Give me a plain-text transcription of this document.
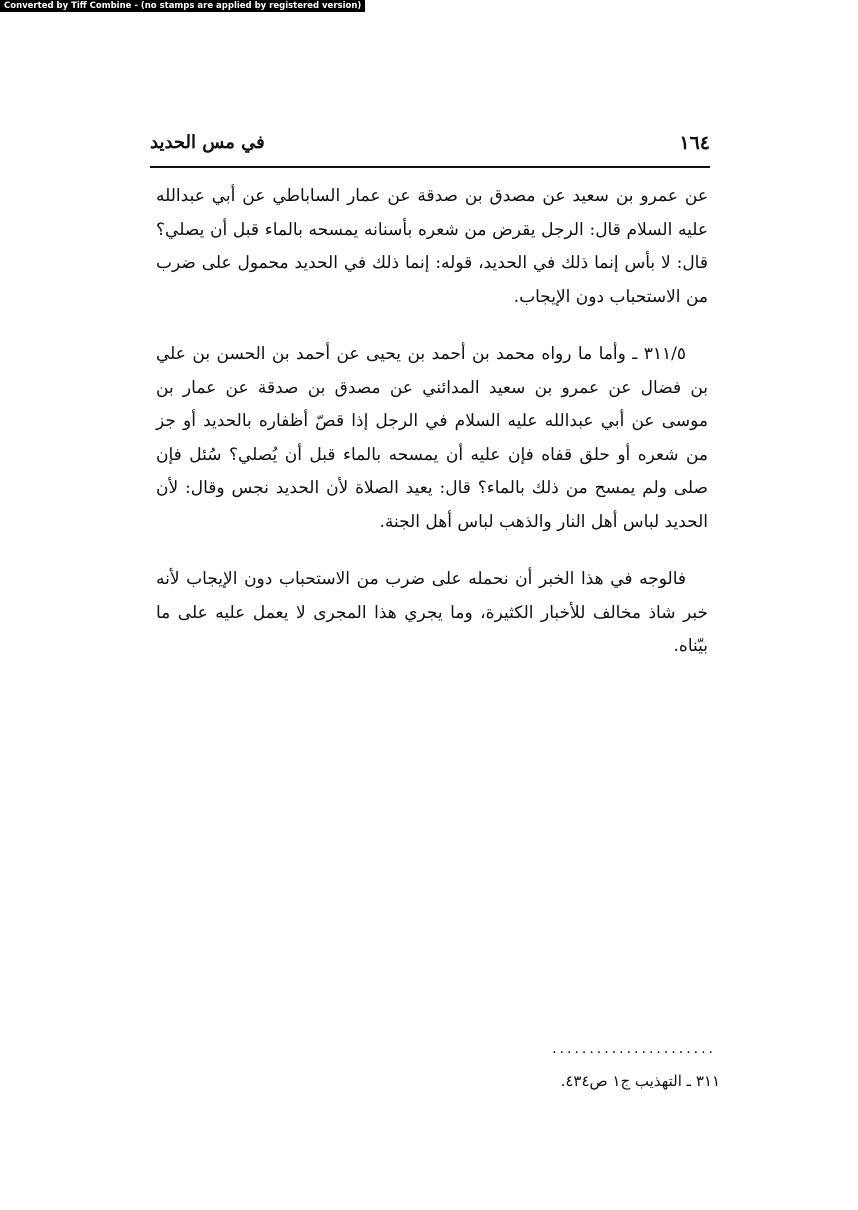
Converted by Tiff Combine - (no stamps are applied by registered version)
١٦٤
في مس الحديد

عن عمرو بن سعيد عن مصدق بن صدقة عن عمار الساباطي عن أبي عبدالله عليه السلام قال: الرجل يقرض من شعره بأسنانه يمسحه بالماء قبل أن يصلي؟ قال: لا بأس إنما ذلك في الحديد، قوله: إنما ذلك في الحديد محمول على ضرب من الاستحباب دون الإيجاب.

٣١١/٥ ـ وأما ما رواه محمد بن أحمد بن يحيى عن أحمد بن الحسن بن علي بن فضال عن عمرو بن سعيد المدائني عن مصدق بن صدقة عن عمار بن موسى عن أبي عبدالله عليه السلام في الرجل إذا قصّ أظفاره بالحديد أو جز من شعره أو حلق قفاه فإن عليه أن يمسحه بالماء قبل أن يُصلي؟ سُئل فإن صلى ولم يمسح من ذلك بالماء؟ قال: يعيد الصلاة لأن الحديد نجس وقال: لأن الحديد لباس أهل النار والذهب لباس أهل الجنة.

فالوجه في هذا الخبر أن نحمله على ضرب من الاستحباب دون الإيجاب لأنه خبر شاذ مخالف للأخبار الكثيرة، وما يجري هذا المجرى لا يعمل عليه على ما بيّناه.

......................
٣١١ ـ التهذيب ج١ ص٤٣٤.
